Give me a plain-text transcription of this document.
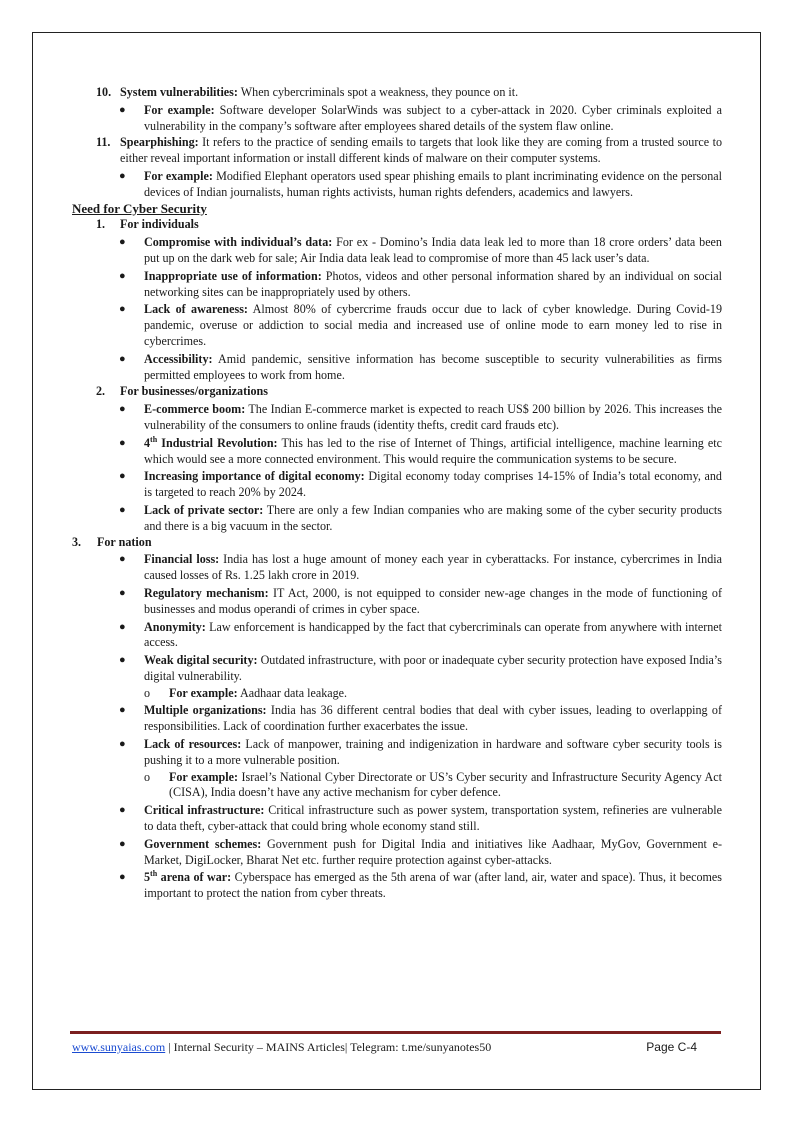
10. System vulnerabilities: When cybercriminals spot a weakness, they pounce on it.
● For example: Software developer SolarWinds was subject to a cyber-attack in 2020. Cyber criminals exploited a vulnerability in the company’s software after employees shared details of the system flaw online.
11. Spearphishing: It refers to the practice of sending emails to targets that look like they are coming from a trusted source to either reveal important information or install different kinds of malware on their computer systems.
● For example: Modified Elephant operators used spear phishing emails to plant incriminating evidence on the personal devices of Indian journalists, human rights activists, human rights defenders, academics and lawyers.

Need for Cyber Security

1. For individuals
● Compromise with individual’s data: For ex - Domino’s India data leak led to more than 18 crore orders’ data been put up on the dark web for sale; Air India data leak lead to compromise of more than 45 lack user’s data.
● Inappropriate use of information: Photos, videos and other personal information shared by an individual on social networking sites can be inappropriately used by others.
● Lack of awareness: Almost 80% of cybercrime frauds occur due to lack of cyber knowledge. During Covid-19 pandemic, overuse or addiction to social media and increased use of online mode to earn money led to rise in cybercrimes.
● Accessibility: Amid pandemic, sensitive information has become susceptible to security vulnerabilities as firms permitted employees to work from home.
2. For businesses/organizations
● E-commerce boom: The Indian E-commerce market is expected to reach US$ 200 billion by 2026. This increases the vulnerability of the consumers to online frauds (identity thefts, credit card frauds etc).
● 4th Industrial Revolution: This has led to the rise of Internet of Things, artificial intelligence, machine learning etc which would see a more connected environment. This would require the communication systems to be secure.
● Increasing importance of digital economy: Digital economy today comprises 14-15% of India’s total economy, and is targeted to reach 20% by 2024.
● Lack of private sector: There are only a few Indian companies who are making some of the cyber security products and there is a big vacuum in the sector.
3. For nation
● Financial loss: India has lost a huge amount of money each year in cyberattacks. For instance, cybercrimes in India caused losses of Rs. 1.25 lakh crore in 2019.
● Regulatory mechanism: IT Act, 2000, is not equipped to consider new-age changes in the mode of functioning of businesses and modus operandi of crimes in cyber space.
● Anonymity: Law enforcement is handicapped by the fact that cybercriminals can operate from anywhere with internet access.
● Weak digital security: Outdated infrastructure, with poor or inadequate cyber security protection have exposed India’s digital vulnerability.
o For example: Aadhaar data leakage.
● Multiple organizations: India has 36 different central bodies that deal with cyber issues, leading to overlapping of responsibilities. Lack of coordination further exacerbates the issue.
● Lack of resources: Lack of manpower, training and indigenization in hardware and software cyber security tools is pushing it to a more vulnerable position.
o For example: Israel’s National Cyber Directorate or US’s Cyber security and Infrastructure Security Agency Act (CISA), India doesn’t have any active mechanism for cyber defence.
● Critical infrastructure: Critical infrastructure such as power system, transportation system, refineries are vulnerable to data theft, cyber-attack that could bring whole economy stand still.
● Government schemes: Government push for Digital India and initiatives like Aadhaar, MyGov, Government e- Market, DigiLocker, Bharat Net etc. further require protection against cyber-attacks.
● 5th arena of war: Cyberspace has emerged as the 5th arena of war (after land, air, water and space). Thus, it becomes important to protect the nation from cyber threats.
www.sunyaias.com | Internal Security – MAINS Articles| Telegram: t.me/sunyanotes50	Page C-4
